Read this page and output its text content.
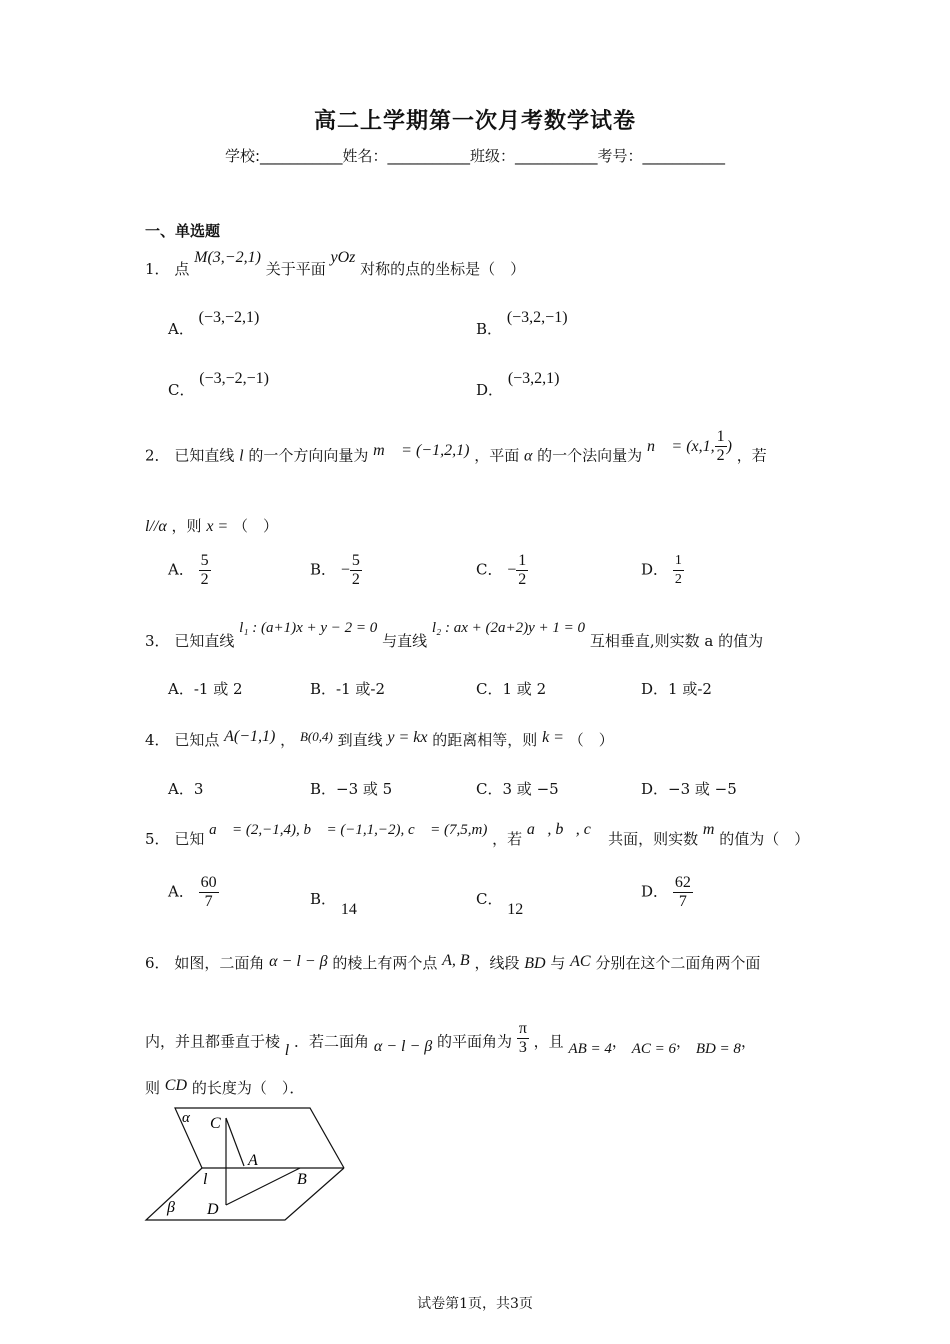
高二上学期第一次月考数学试卷
学校:___________姓名：___________班级：___________考号：___________
一、单选题
1． 点 M(3,−2,1) 关于平面 yOz 对称的点的坐标是（　）
A． (−3,−2,1)
B． (−3,2,−1)
C． (−3,−2,−1)
D． (−3,2,1)
2． 已知直线 l 的一个方向向量为 m⃗ = (−1,2,1) ，平面 α 的一个法向量为 n⃗ = (x,1, $\frac{1}{2}$ ) ，若
l//α ，则 x = （　）
A． $\frac{5}{2}$	B． − $\frac{5}{2}$	C． − $\frac{1}{2}$	D． $\frac{1}{2}$
3． 已知直线 l₁ : (a+1)x + y − 2 = 0 与直线 l₂ : ax + (2a+2)y + 1 = 0 互相垂直,则实数 a 的值为
A．-1 或 2	B．-1 或-2	C．1 或 2	D．1 或-2
4． 已知点 A(−1,1) ， B(0,4) 到直线 y = kx 的距离相等，则 k = （　）
A．3	B．−3 或 5	C．3 或 −5	D．−3 或 −5
5． 已知 a⃗ = (2,−1,4), b⃗ = (−1,1,−2), c⃗ = (7,5,m) ，若 a⃗, b⃗, c⃗ 共面，则实数 m 的值为（　）
A． $\frac{60}{7}$	B． 14
C． 12
D． $\frac{62}{7}$
6． 如图，二面角 α − l − β 的棱上有两个点 A, B ，线段 BD 与 AC 分别在这个二面角两个面
内，并且都垂直于棱 l ．若二面角 α − l − β 的平面角为 $\frac{\pi}{3}$ ，且 AB = 4， AC = 6， BD = 8，
则 CD 的长度为（　）．
α C
A
l	B
β D
试卷第1页，共3页
